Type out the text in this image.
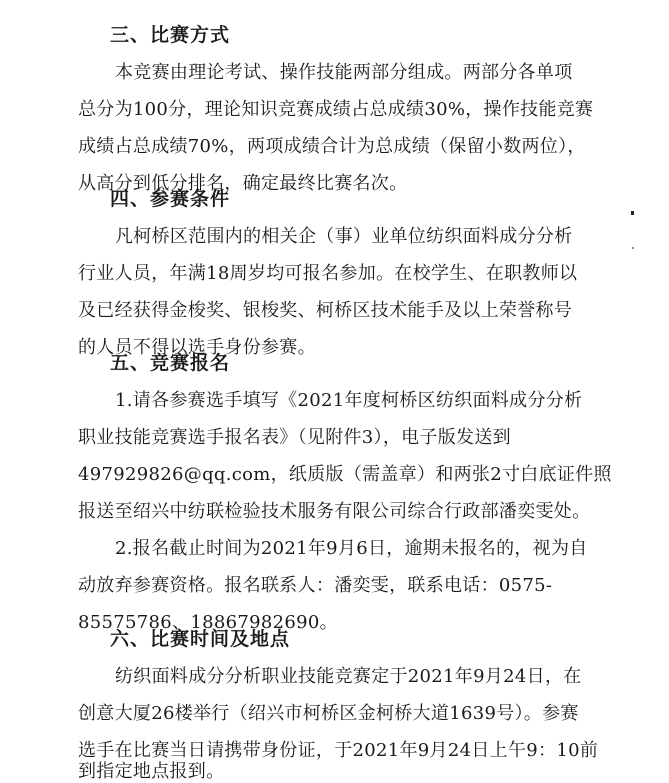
三、比赛方式
本竞赛由理论考试、操作技能两部分组成。两部分各单项
总分为100分，理论知识竞赛成绩占总成绩30%，操作技能竞赛
成绩占总成绩70%，两项成绩合计为总成绩（保留小数两位），
从高分到低分排名，确定最终比赛名次。
四、参赛条件
凡柯桥区范围内的相关企（事）业单位纺织面料成分分析
行业人员，年满18周岁均可报名参加。在校学生、在职教师以
及已经获得金梭奖、银梭奖、柯桥区技术能手及以上荣誉称号
的人员不得以选手身份参赛。
五、竞赛报名
1.请各参赛选手填写《2021年度柯桥区纺织面料成分分析
职业技能竞赛选手报名表》（见附件3），电子版发送到
497929826@qq.com，纸质版（需盖章）和两张2寸白底证件照
报送至绍兴中纺联检验技术服务有限公司综合行政部潘奕雯处。
2.报名截止时间为2021年9月6日，逾期未报名的，视为自
动放弃参赛资格。报名联系人：潘奕雯，联系电话：0575-
85575786、18867982690。
六、比赛时间及地点
纺织面料成分分析职业技能竞赛定于2021年9月24日，在
创意大厦26楼举行（绍兴市柯桥区金柯桥大道1639号）。参赛
选手在比赛当日请携带身份证，于2021年9月24日上午9：10前
到指定地点报到。
